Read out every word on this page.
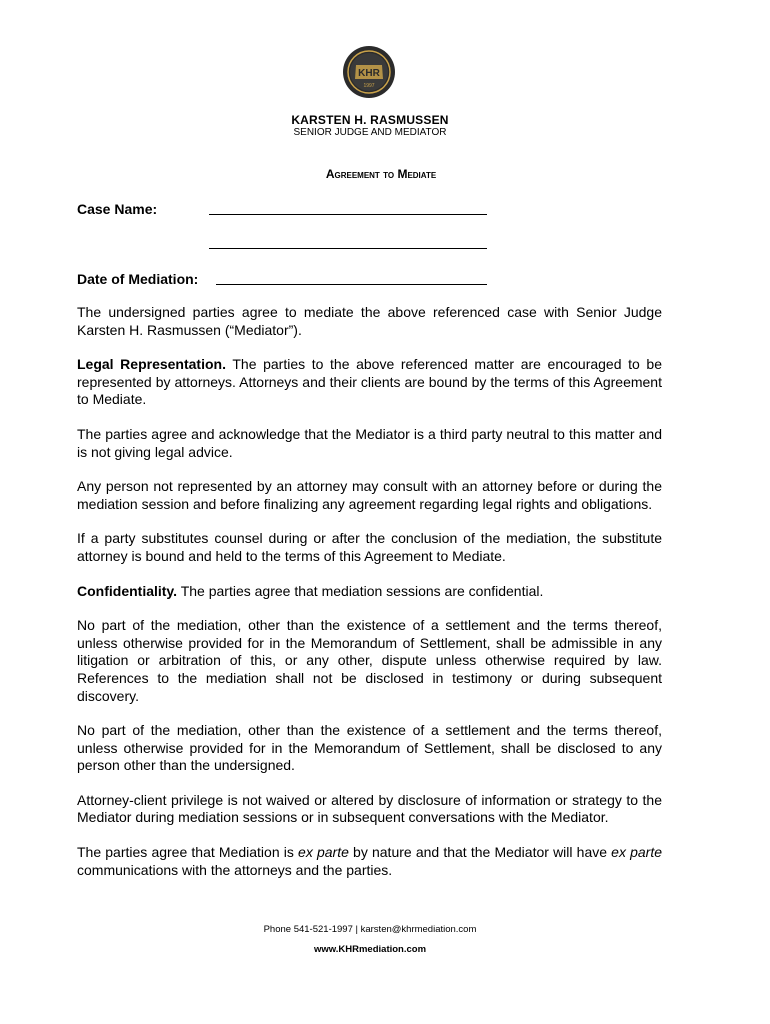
KHR
1997
KARSTEN H. RASMUSSEN
SENIOR JUDGE AND MEDIATOR
Agreement to Mediate
Case Name:
Date of Mediation:

The undersigned parties agree to mediate the above referenced case with Senior Judge Karsten H. Rasmussen (“Mediator”).

Legal Representation. The parties to the above referenced matter are encouraged to be represented by attorneys. Attorneys and their clients are bound by the terms of this Agreement to Mediate.

The parties agree and acknowledge that the Mediator is a third party neutral to this matter and is not giving legal advice.

Any person not represented by an attorney may consult with an attorney before or during the mediation session and before finalizing any agreement regarding legal rights and obligations.

If a party substitutes counsel during or after the conclusion of the mediation, the substitute attorney is bound and held to the terms of this Agreement to Mediate.

Confidentiality. The parties agree that mediation sessions are confidential.

No part of the mediation, other than the existence of a settlement and the terms thereof, unless otherwise provided for in the Memorandum of Settlement, shall be admissible in any litigation or arbitration of this, or any other, dispute unless otherwise required by law. References to the mediation shall not be disclosed in testimony or during subsequent discovery.

No part of the mediation, other than the existence of a settlement and the terms thereof, unless otherwise provided for in the Memorandum of Settlement, shall be disclosed to any person other than the undersigned.

Attorney-client privilege is not waived or altered by disclosure of information or strategy to the Mediator during mediation sessions or in subsequent conversations with the Mediator.

The parties agree that Mediation is ex parte by nature and that the Mediator will have ex parte communications with the attorneys and the parties.

Phone 541-521-1997 | karsten@khrmediation.com
www.KHRmediation.com
